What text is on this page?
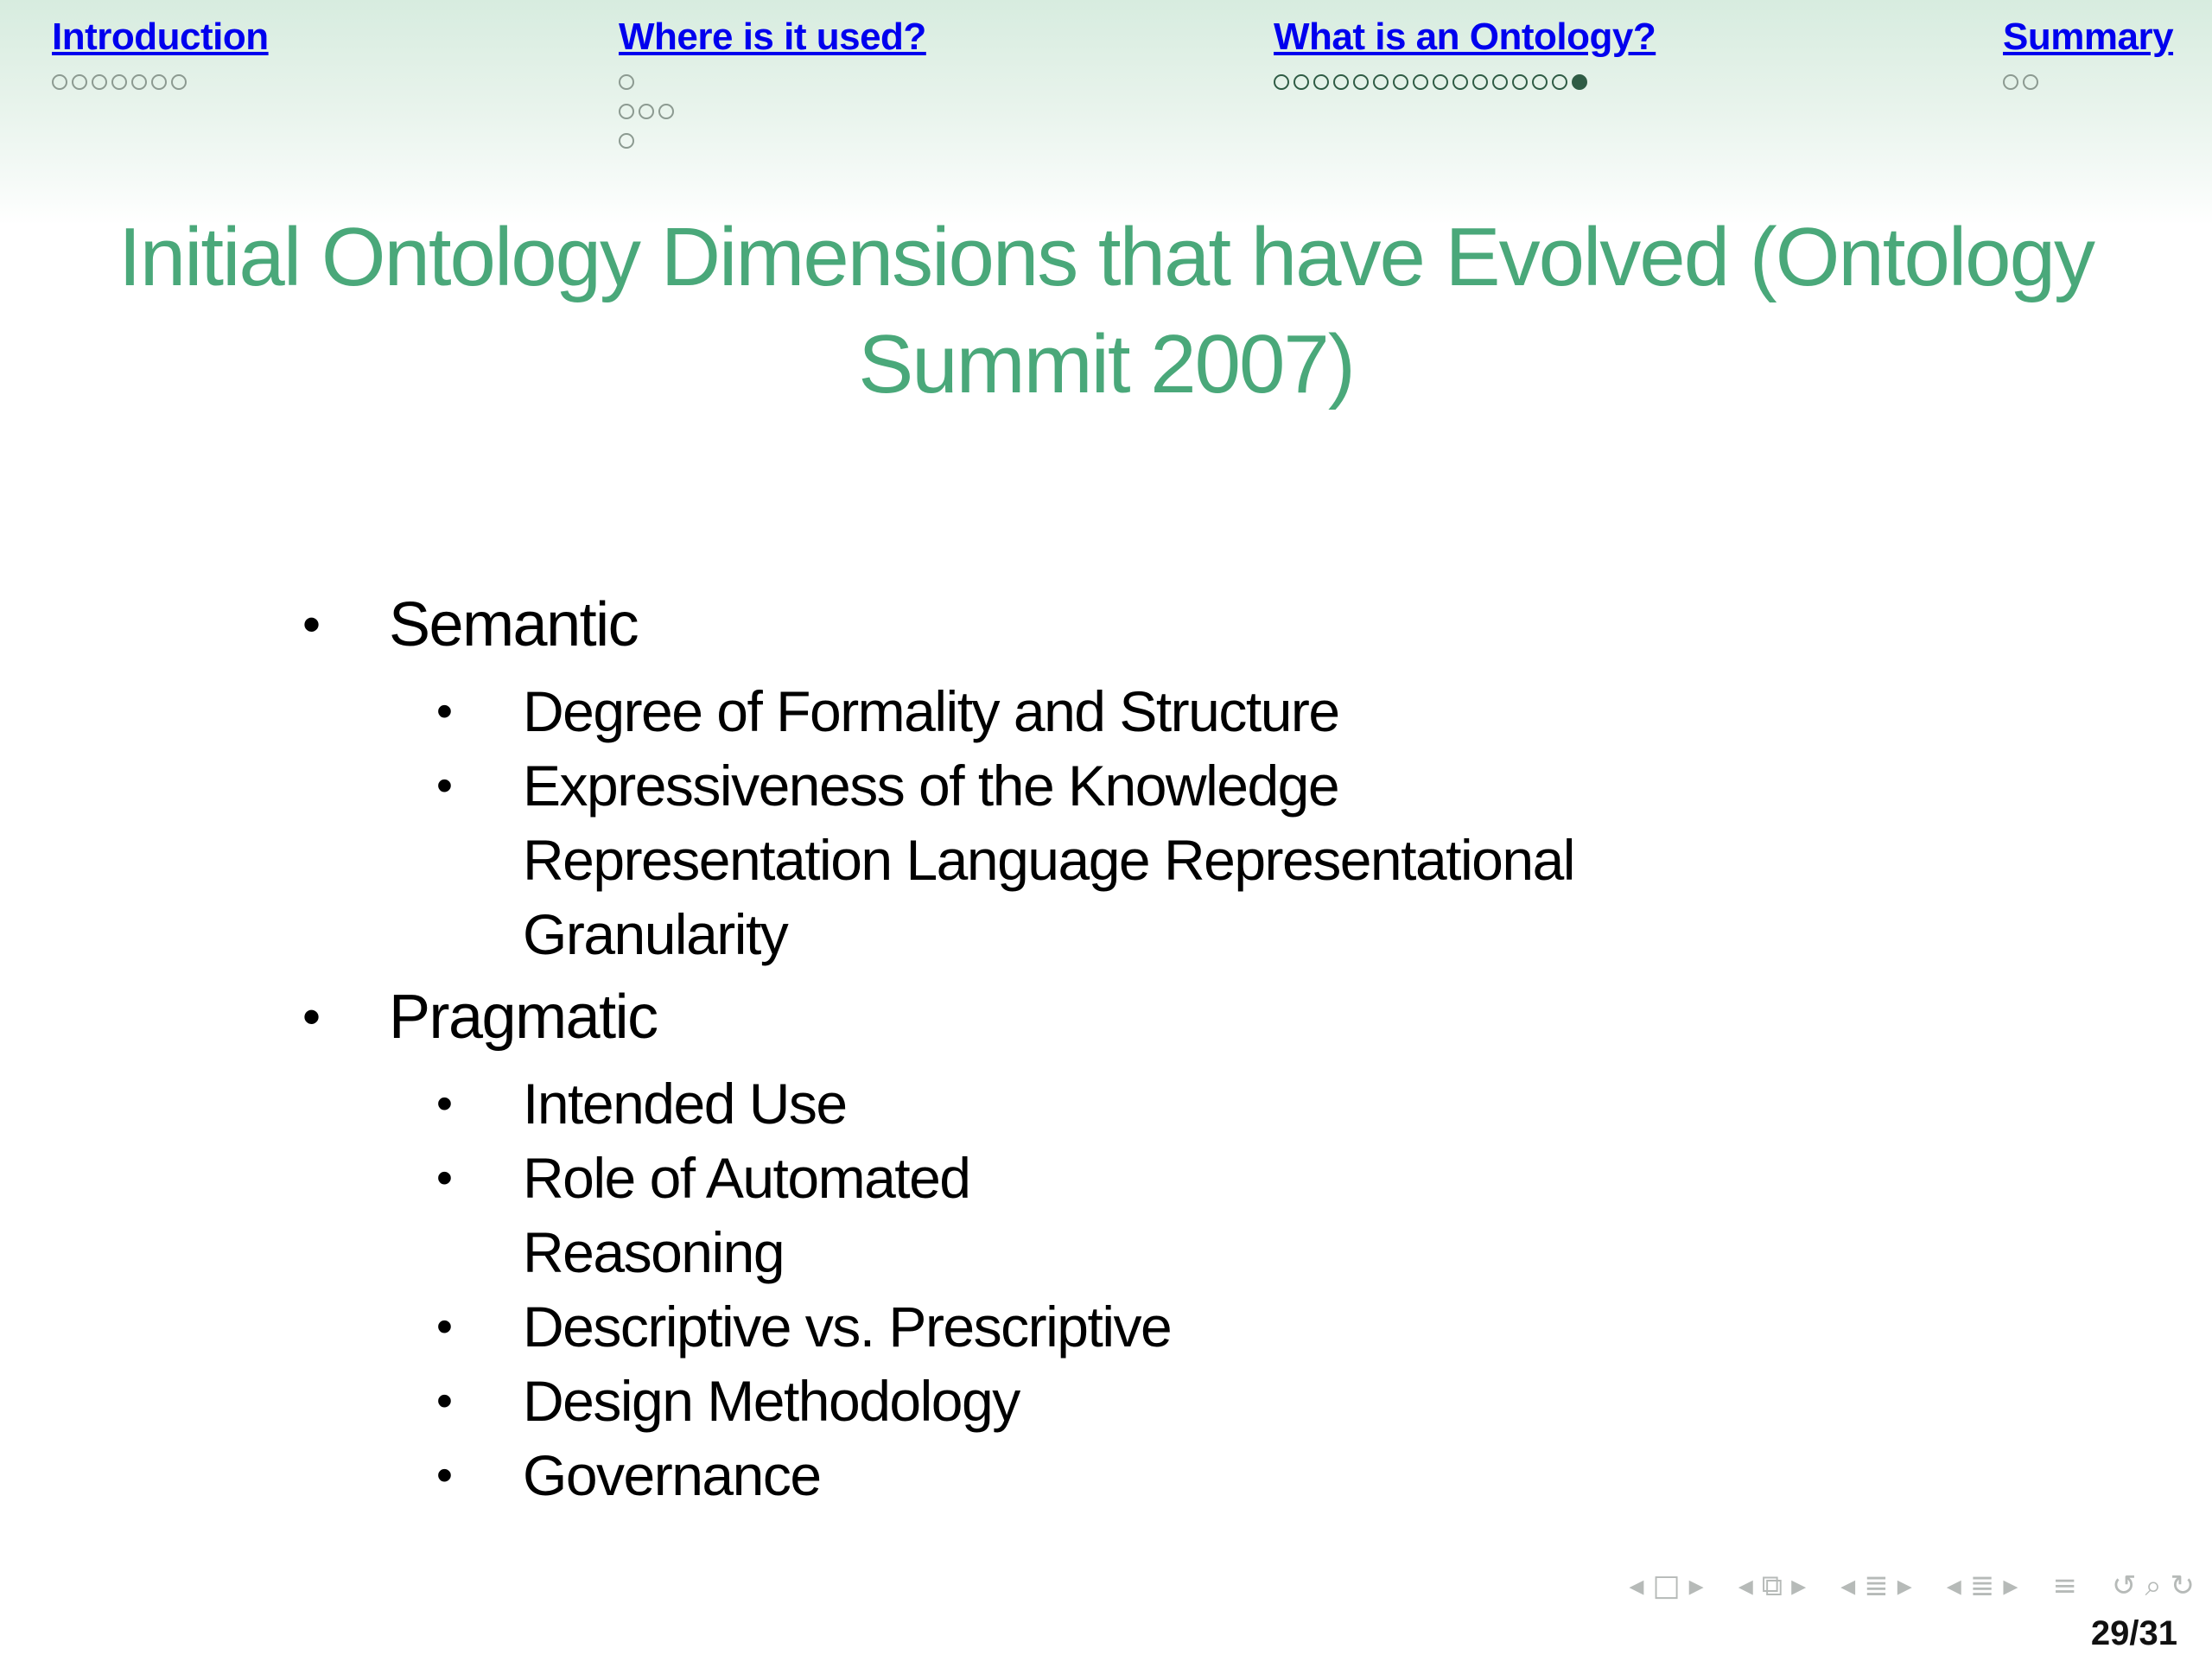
Introduction	Where is it used?	What is an Ontology?	Summary
Initial Ontology Dimensions that have Evolved (Ontology Summit 2007)
• Semantic
• Degree of Formality and Structure
• Expressiveness of the Knowledge Representation Language Representational Granularity
• Pragmatic
• Intended Use
• Role of Automated Reasoning
• Descriptive vs. Prescriptive
• Design Methodology
• Governance
◂ □ ▸ ◂ ⧉ ▸ ◂ ≣ ▸ ◂ ≣ ▸ ≡ ↺ ⌕ ↻
29/31
